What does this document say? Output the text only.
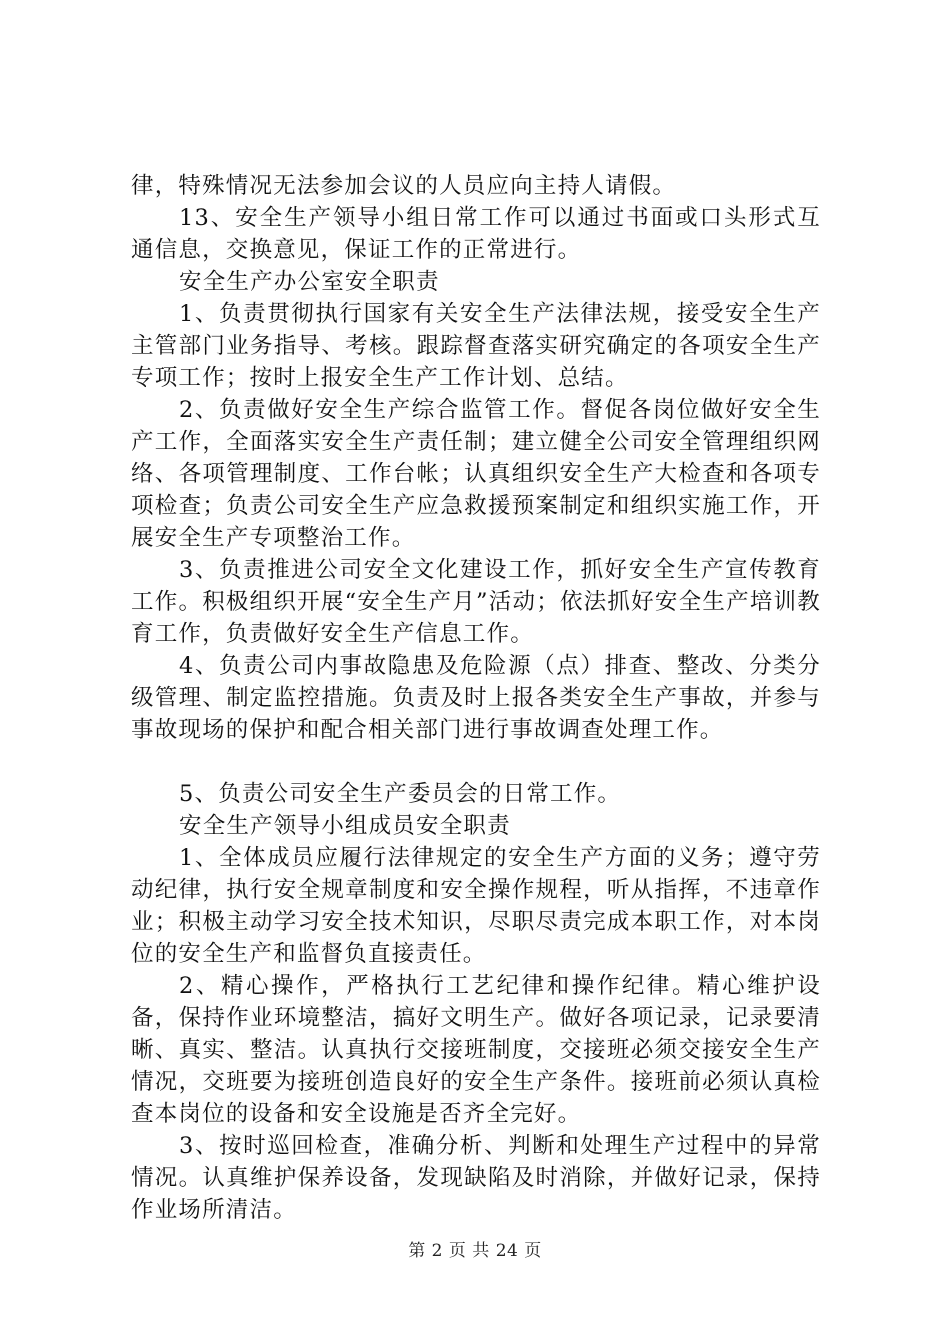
律，特殊情况无法参加会议的人员应向主持人请假。

13、安全生产领导小组日常工作可以通过书面或口头形式互通信息，交换意见，保证工作的正常进行。

安全生产办公室安全职责

1、负责贯彻执行国家有关安全生产法律法规，接受安全生产主管部门业务指导、考核。跟踪督查落实研究确定的各项安全生产专项工作；按时上报安全生产工作计划、总结。

2、负责做好安全生产综合监管工作。督促各岗位做好安全生产工作，全面落实安全生产责任制；建立健全公司安全管理组织网络、各项管理制度、工作台帐；认真组织安全生产大检查和各项专项检查；负责公司安全生产应急救援预案制定和组织实施工作，开展安全生产专项整治工作。

3、负责推进公司安全文化建设工作，抓好安全生产宣传教育工作。积极组织开展“安全生产月”活动；依法抓好安全生产培训教育工作，负责做好安全生产信息工作。

4、负责公司内事故隐患及危险源（点）排查、整改、分类分级管理、制定监控措施。负责及时上报各类安全生产事故，并参与事故现场的保护和配合相关部门进行事故调查处理工作。

5、负责公司安全生产委员会的日常工作。

安全生产领导小组成员安全职责

1、全体成员应履行法律规定的安全生产方面的义务；遵守劳动纪律，执行安全规章制度和安全操作规程，听从指挥，不违章作业；积极主动学习安全技术知识，尽职尽责完成本职工作，对本岗位的安全生产和监督负直接责任。

2、精心操作，严格执行工艺纪律和操作纪律。精心维护设备，保持作业环境整洁，搞好文明生产。做好各项记录，记录要清晰、真实、整洁。认真执行交接班制度，交接班必须交接安全生产情况，交班要为接班创造良好的安全生产条件。接班前必须认真检查本岗位的设备和安全设施是否齐全完好。

3、按时巡回检查，准确分析、判断和处理生产过程中的异常情况。认真维护保养设备，发现缺陷及时消除，并做好记录，保持作业场所清洁。

第 2 页 共 24 页
